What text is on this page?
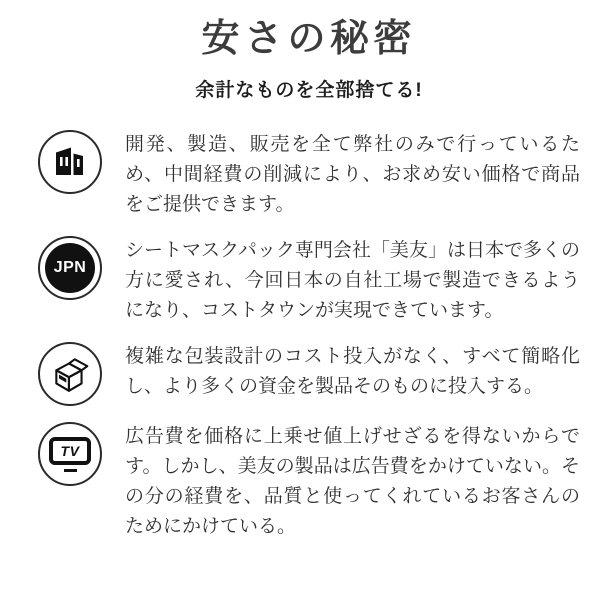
安さの秘密
余計なものを全部捨てる!
開発、製造、販売を全て弊社のみで行っているため、中間経費の削減により、お求め安い価格で商品をご提供できます。
JPN
シートマスクパック専門会社「美友」は日本で多くの方に愛され、今回日本の自社工場で製造できるようになり、コストタウンが実現できています。
複雑な包装設計のコスト投入がなく、すべて簡略化し、より多くの資金を製品そのものに投入する。
TV
広告費を価格に上乗せ値上げせざるを得ないからです。しかし、美友の製品は広告費をかけていない。その分の経費を、品質と使ってくれているお客さんのためにかけている。
